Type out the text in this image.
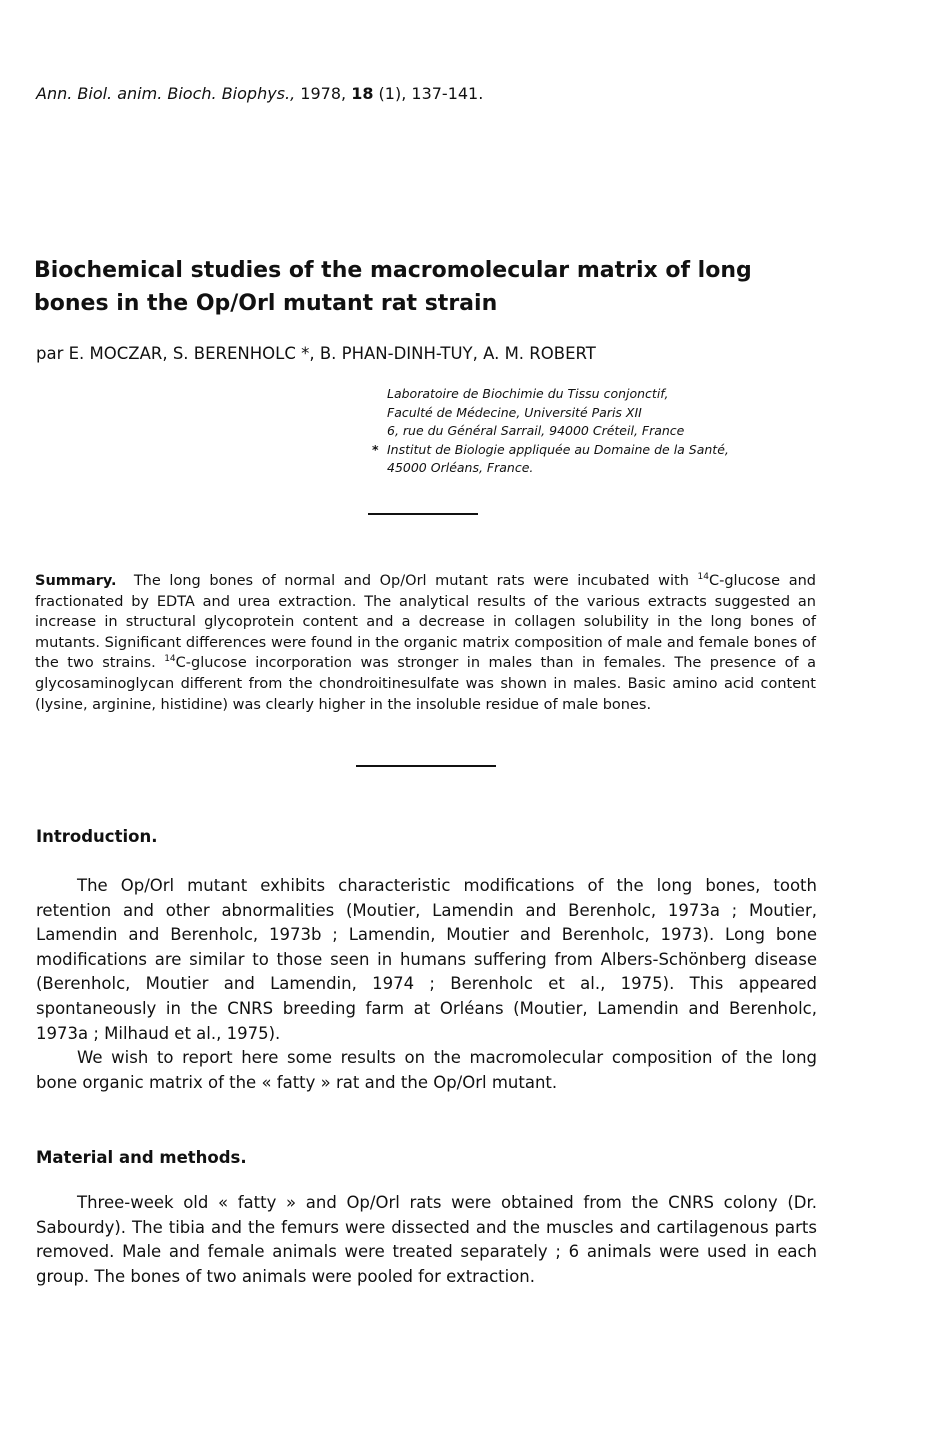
Ann. Biol. anim. Bioch. Biophys., 1978, 18 (1), 137-141.
Biochemical studies of the macromolecular matrix of long
bones in the Op/Orl mutant rat strain
par E. MOCZAR, S. BERENHOLC *, B. PHAN-DINH-TUY, A. M. ROBERT
Laboratoire de Biochimie du Tissu conjonctif,
Faculté de Médecine, Université Paris XII
6, rue du Général Sarrail, 94000 Créteil, France
* Institut de Biologie appliquée au Domaine de la Santé,
45000 Orléans, France.
Summary. The long bones of normal and Op/Orl mutant rats were incubated with $^{14}$C-glucose and fractionated by EDTA and urea extraction. The analytical results of the various extracts suggested an increase in structural glycoprotein content and a decrease in collagen solubility in the long bones of mutants. Significant differences were found in the organic matrix composition of male and female bones of the two strains. $^{14}$C-glucose incorporation was stronger in males than in females. The presence of a glycosaminoglycan different from the chondroitinesulfate was shown in males. Basic amino acid content (lysine, arginine, histidine) was clearly higher in the insoluble residue of male bones.
Introduction.

The Op/Orl mutant exhibits characteristic modifications of the long bones, tooth retention and other abnormalities (Moutier, Lamendin and Berenholc, 1973a ; Moutier, Lamendin and Berenholc, 1973b ; Lamendin, Moutier and Berenholc, 1973). Long bone modifications are similar to those seen in humans suffering from Albers-Schönberg disease (Berenholc, Moutier and Lamendin, 1974 ; Berenholc et al., 1975). This appeared spontaneously in the CNRS breeding farm at Orléans (Moutier, Lamendin and Berenholc, 1973a ; Milhaud et al., 1975).

We wish to report here some results on the macromolecular composition of the long bone organic matrix of the « fatty » rat and the Op/Orl mutant.

Material and methods.

Three-week old « fatty » and Op/Orl rats were obtained from the CNRS colony (Dr. Sabourdy). The tibia and the femurs were dissected and the muscles and cartilagenous parts removed. Male and female animals were treated separately ; 6 animals were used in each group. The bones of two animals were pooled for extraction.
